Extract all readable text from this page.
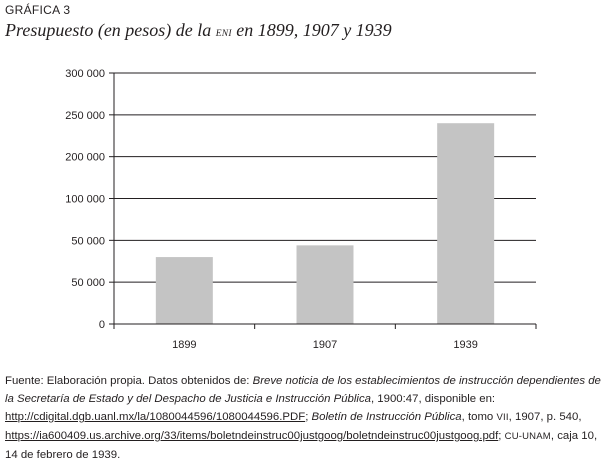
GRÁFICA 3
Presupuesto (en pesos) de la ENI en 1899, 1907 y 1939
0
50 000
50 000
100 000
200 000
250 000
300 000
1899	1907	1939
Fuente: Elaboración propia. Datos obtenidos de: Breve noticia de los establecimientos de instrucción dependientes de la Secretaría de Estado y del Despacho de Justicia e Instrucción Pública, 1900:47, disponible en: http://cdigital.dgb.uanl.mx/la/1080044596/1080044596.PDF; Boletín de Instrucción Pública, tomo VII, 1907, p. 540, https://ia600409.us.archive.org/33/items/boletndeinstruc00justgoog/boletndeinstruc00justgoog.pdf; CU-UNAM, caja 10, 14 de febrero de 1939.
